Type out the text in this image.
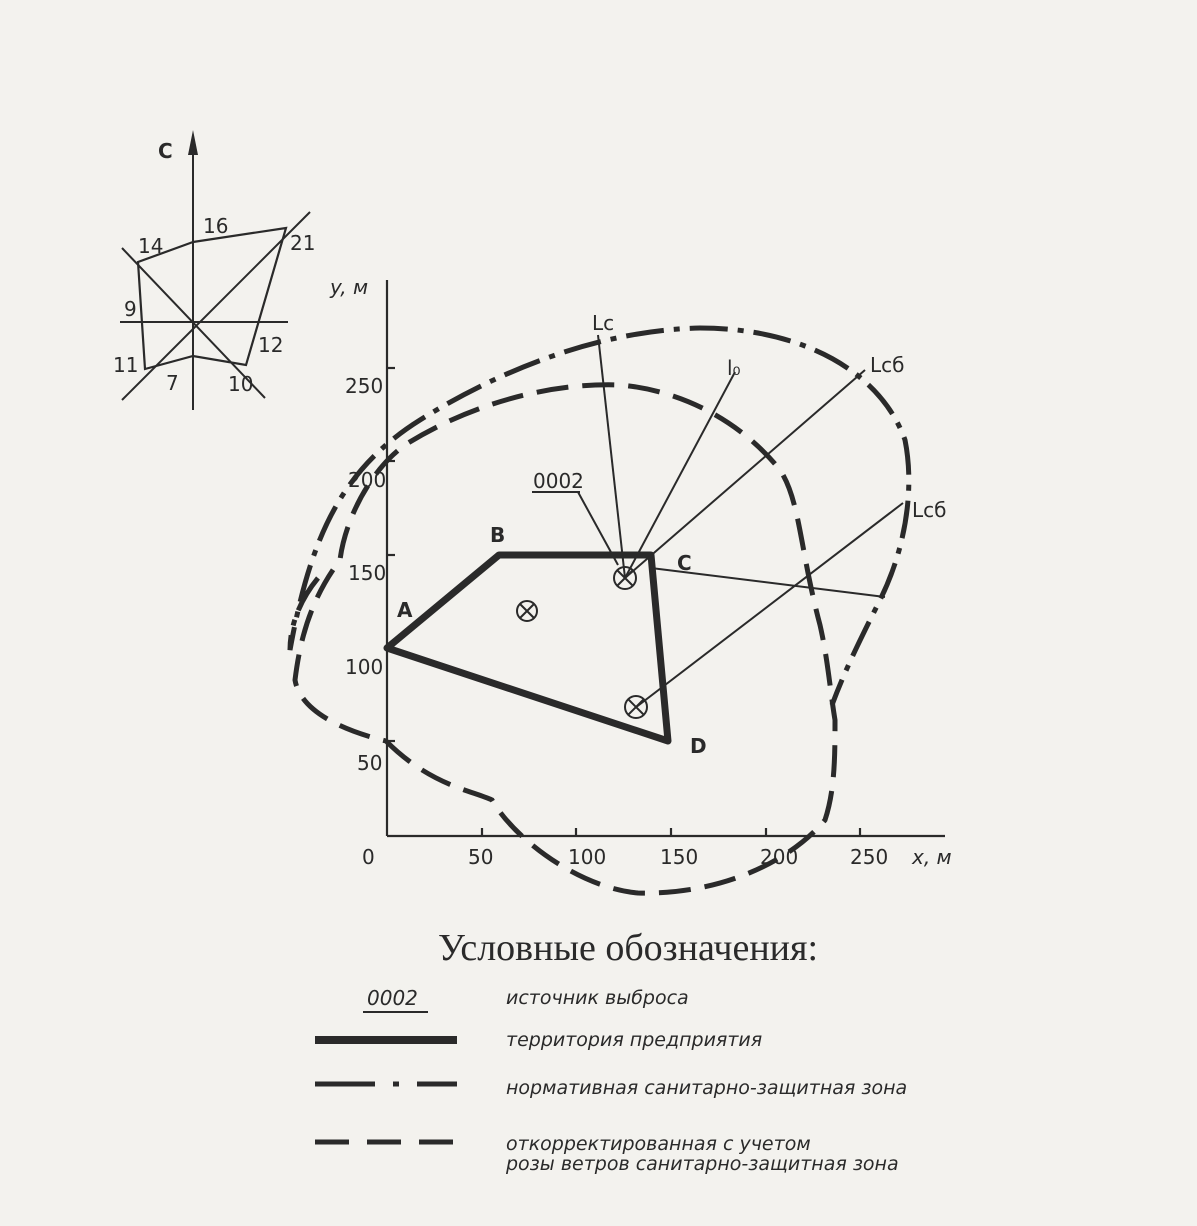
С
16
21
12
10
7
11
9
14
y, м
x, м
0	50	100	150	200	250
50
100
150
200
250
A
B
C
D
0002
Lc
l₀	Lcб
Lcб
Условные обозначения:
0002	источник выброса
территория предприятия
нормативная санитарно-защитная зона
откорректированная с учетом
розы ветров санитарно-защитная зона
